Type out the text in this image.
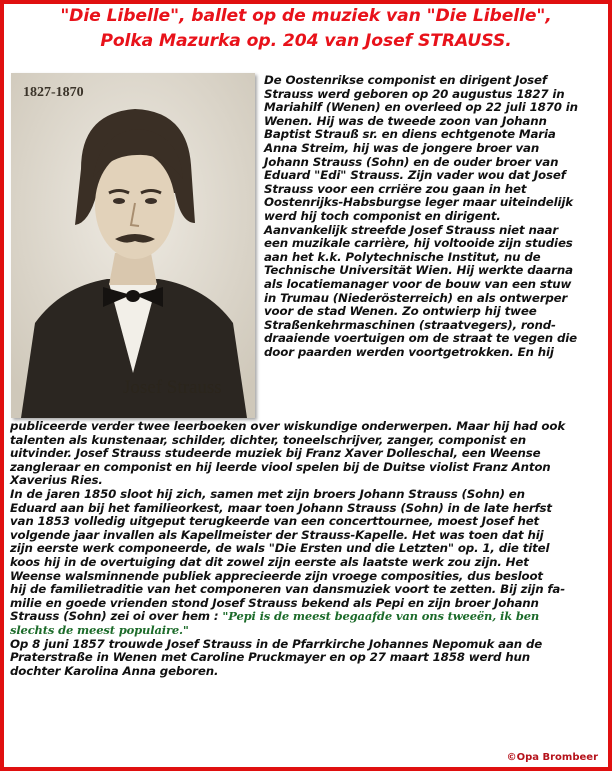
"Die Libelle", ballet op de muziek van "Die Libelle",
Polka Mazurka op. 204 van Josef STRAUSS.
1827-1870
Josef Strauss
De Oostenrikse componist en dirigent Josef
Strauss werd geboren op 20 augustus 1827 in
Mariahilf (Wenen) en overleed op 22 juli 1870 in
Wenen. Hij was de tweede zoon van Johann
Baptist Strauß sr. en diens echtgenote Maria
Anna Streim, hij was de jongere broer van
Johann Strauss (Sohn) en de ouder broer van
Eduard "Edi" Strauss. Zijn vader wou dat Josef
Strauss voor een crriëre zou gaan in het
Oostenrijks-Habsburgse leger maar uiteindelijk
werd hij toch componist en dirigent.
Aanvankelijk streefde Josef Strauss niet naar
een muzikale carrière, hij voltooide zijn studies
aan het k.k. Polytechnische Institut, nu de
Technische Universität Wien. Hij werkte daarna
als locatiemanager voor de bouw van een stuw
in Trumau (Niederösterreich) en als ontwerper
voor de stad Wenen. Zo ontwierp hij twee
Straßenkehrmaschinen (straatvegers), rond-
draaiende voertuigen om de straat te vegen die
door paarden werden voortgetrokken. En hij
publiceerde verder twee leerboeken over wiskundige onderwerpen. Maar hij had ook
talenten als kunstenaar, schilder, dichter, toneelschrijver, zanger, componist en
uitvinder. Josef Strauss studeerde muziek bij Franz Xaver Dolleschal, een Weense
zangleraar en componist en hij leerde viool spelen bij de Duitse violist Franz Anton
Xaverius Ries.
In de jaren 1850 sloot hij zich, samen met zijn broers Johann Strauss (Sohn) en
Eduard aan bij het familieorkest, maar toen Johann Strauss (Sohn) in de late herfst
van 1853 volledig uitgeput terugkeerde van een concerttournee, moest Josef het
volgende jaar invallen als Kapellmeister der Strauss-Kapelle. Het was toen dat hij
zijn eerste werk componeerde, de wals "Die Ersten und die Letzten" op. 1, die titel
koos hij in de overtuiging dat dit zowel zijn eerste als laatste werk zou zijn. Het
Weense walsminnende publiek apprecieerde zijn vroege composities, dus besloot
hij de familietraditie van het componeren van dansmuziek voort te zetten. Bij zijn fa-
milie en goede vrienden stond Josef Strauss bekend als Pepi en zijn broer Johann
Strauss (Sohn) zei oi over hem : "Pepi is de meest begaafde van ons tweeën, ik ben
slechts de meest populaire."
Op 8 juni 1857 trouwde Josef Strauss in de Pfarrkirche Johannes Nepomuk aan de
Praterstraße in Wenen met Caroline Pruckmayer en op 27 maart 1858 werd hun
dochter Karolina Anna geboren.
©Opa Brombeer
